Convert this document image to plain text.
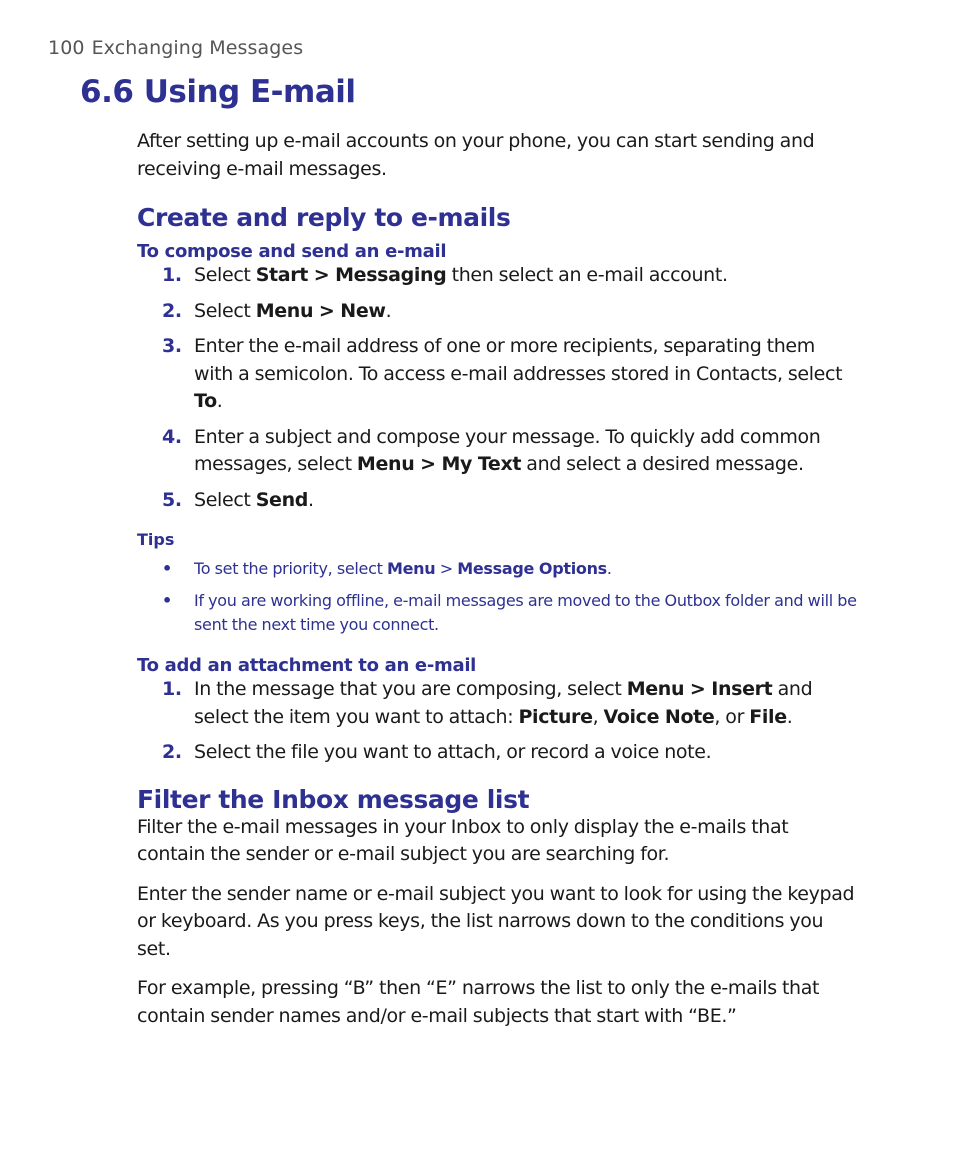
100 Exchanging Messages
6.6 Using E-mail

After setting up e-mail accounts on your phone, you can start sending and receiving e-mail messages.

Create and reply to e-mails
To compose and send an e-mail
1. Select Start > Messaging then select an e-mail account.
2. Select Menu > New.
3. Enter the e-mail address of one or more recipients, separating them with a semicolon. To access e-mail addresses stored in Contacts, select To.
4. Enter a subject and compose your message. To quickly add common messages, select Menu > My Text and select a desired message.
5. Select Send.
Tips
• To set the priority, select Menu > Message Options.
• If you are working offline, e-mail messages are moved to the Outbox folder and will be sent the next time you connect.
To add an attachment to an e-mail
1. In the message that you are composing, select Menu > Insert and select the item you want to attach: Picture, Voice Note, or File.
2. Select the file you want to attach, or record a voice note.
Filter the Inbox message list

Filter the e-mail messages in your Inbox to only display the e-mails that contain the sender or e-mail subject you are searching for.

Enter the sender name or e-mail subject you want to look for using the keypad or keyboard. As you press keys, the list narrows down to the conditions you set.

For example, pressing “B” then “E” narrows the list to only the e-mails that contain sender names and/or e-mail subjects that start with “BE.”
